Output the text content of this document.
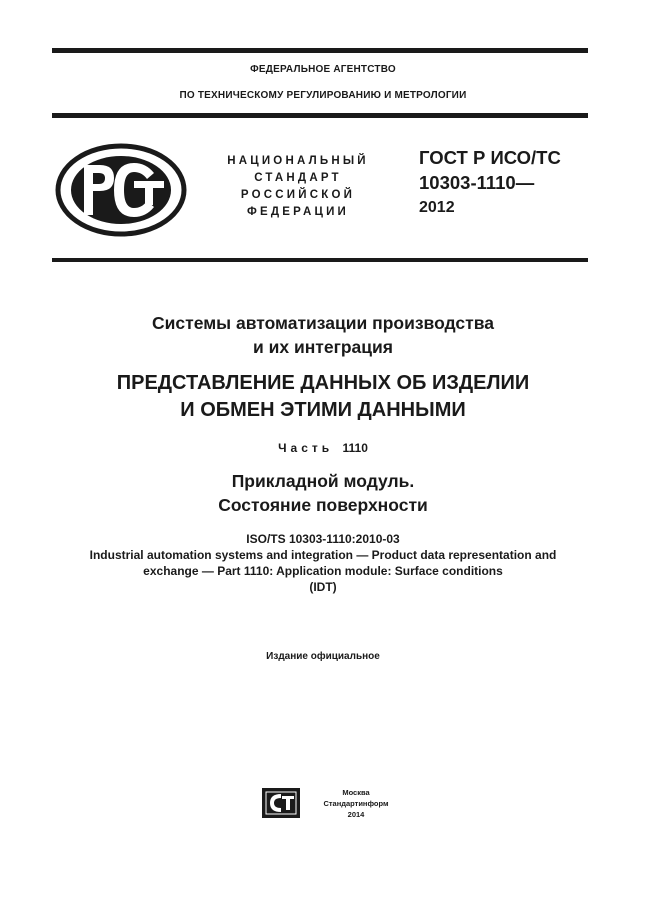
ФЕДЕРАЛЬНОЕ АГЕНТСТВО
ПО ТЕХНИЧЕСКОМУ РЕГУЛИРОВАНИЮ И МЕТРОЛОГИИ
НАЦИОНАЛЬНЫЙ
СТАНДАРТ
РОССИЙСКОЙ
ФЕДЕРАЦИИ
ГОСТ Р ИСО/ТС
10303-1110—
2012
Системы автоматизации производства
и их интеграция
ПРЕДСТАВЛЕНИЕ ДАННЫХ ОБ ИЗДЕЛИИ
И ОБМЕН ЭТИМИ ДАННЫМИ
Часть 1110
Прикладной модуль.
Состояние поверхности
ISO/TS 10303-1110:2010-03
Industrial automation systems and integration — Product data representation and
exchange — Part 1110: Application module: Surface conditions
(IDT)
Издание официальное
Москва
Стандартинформ
2014
